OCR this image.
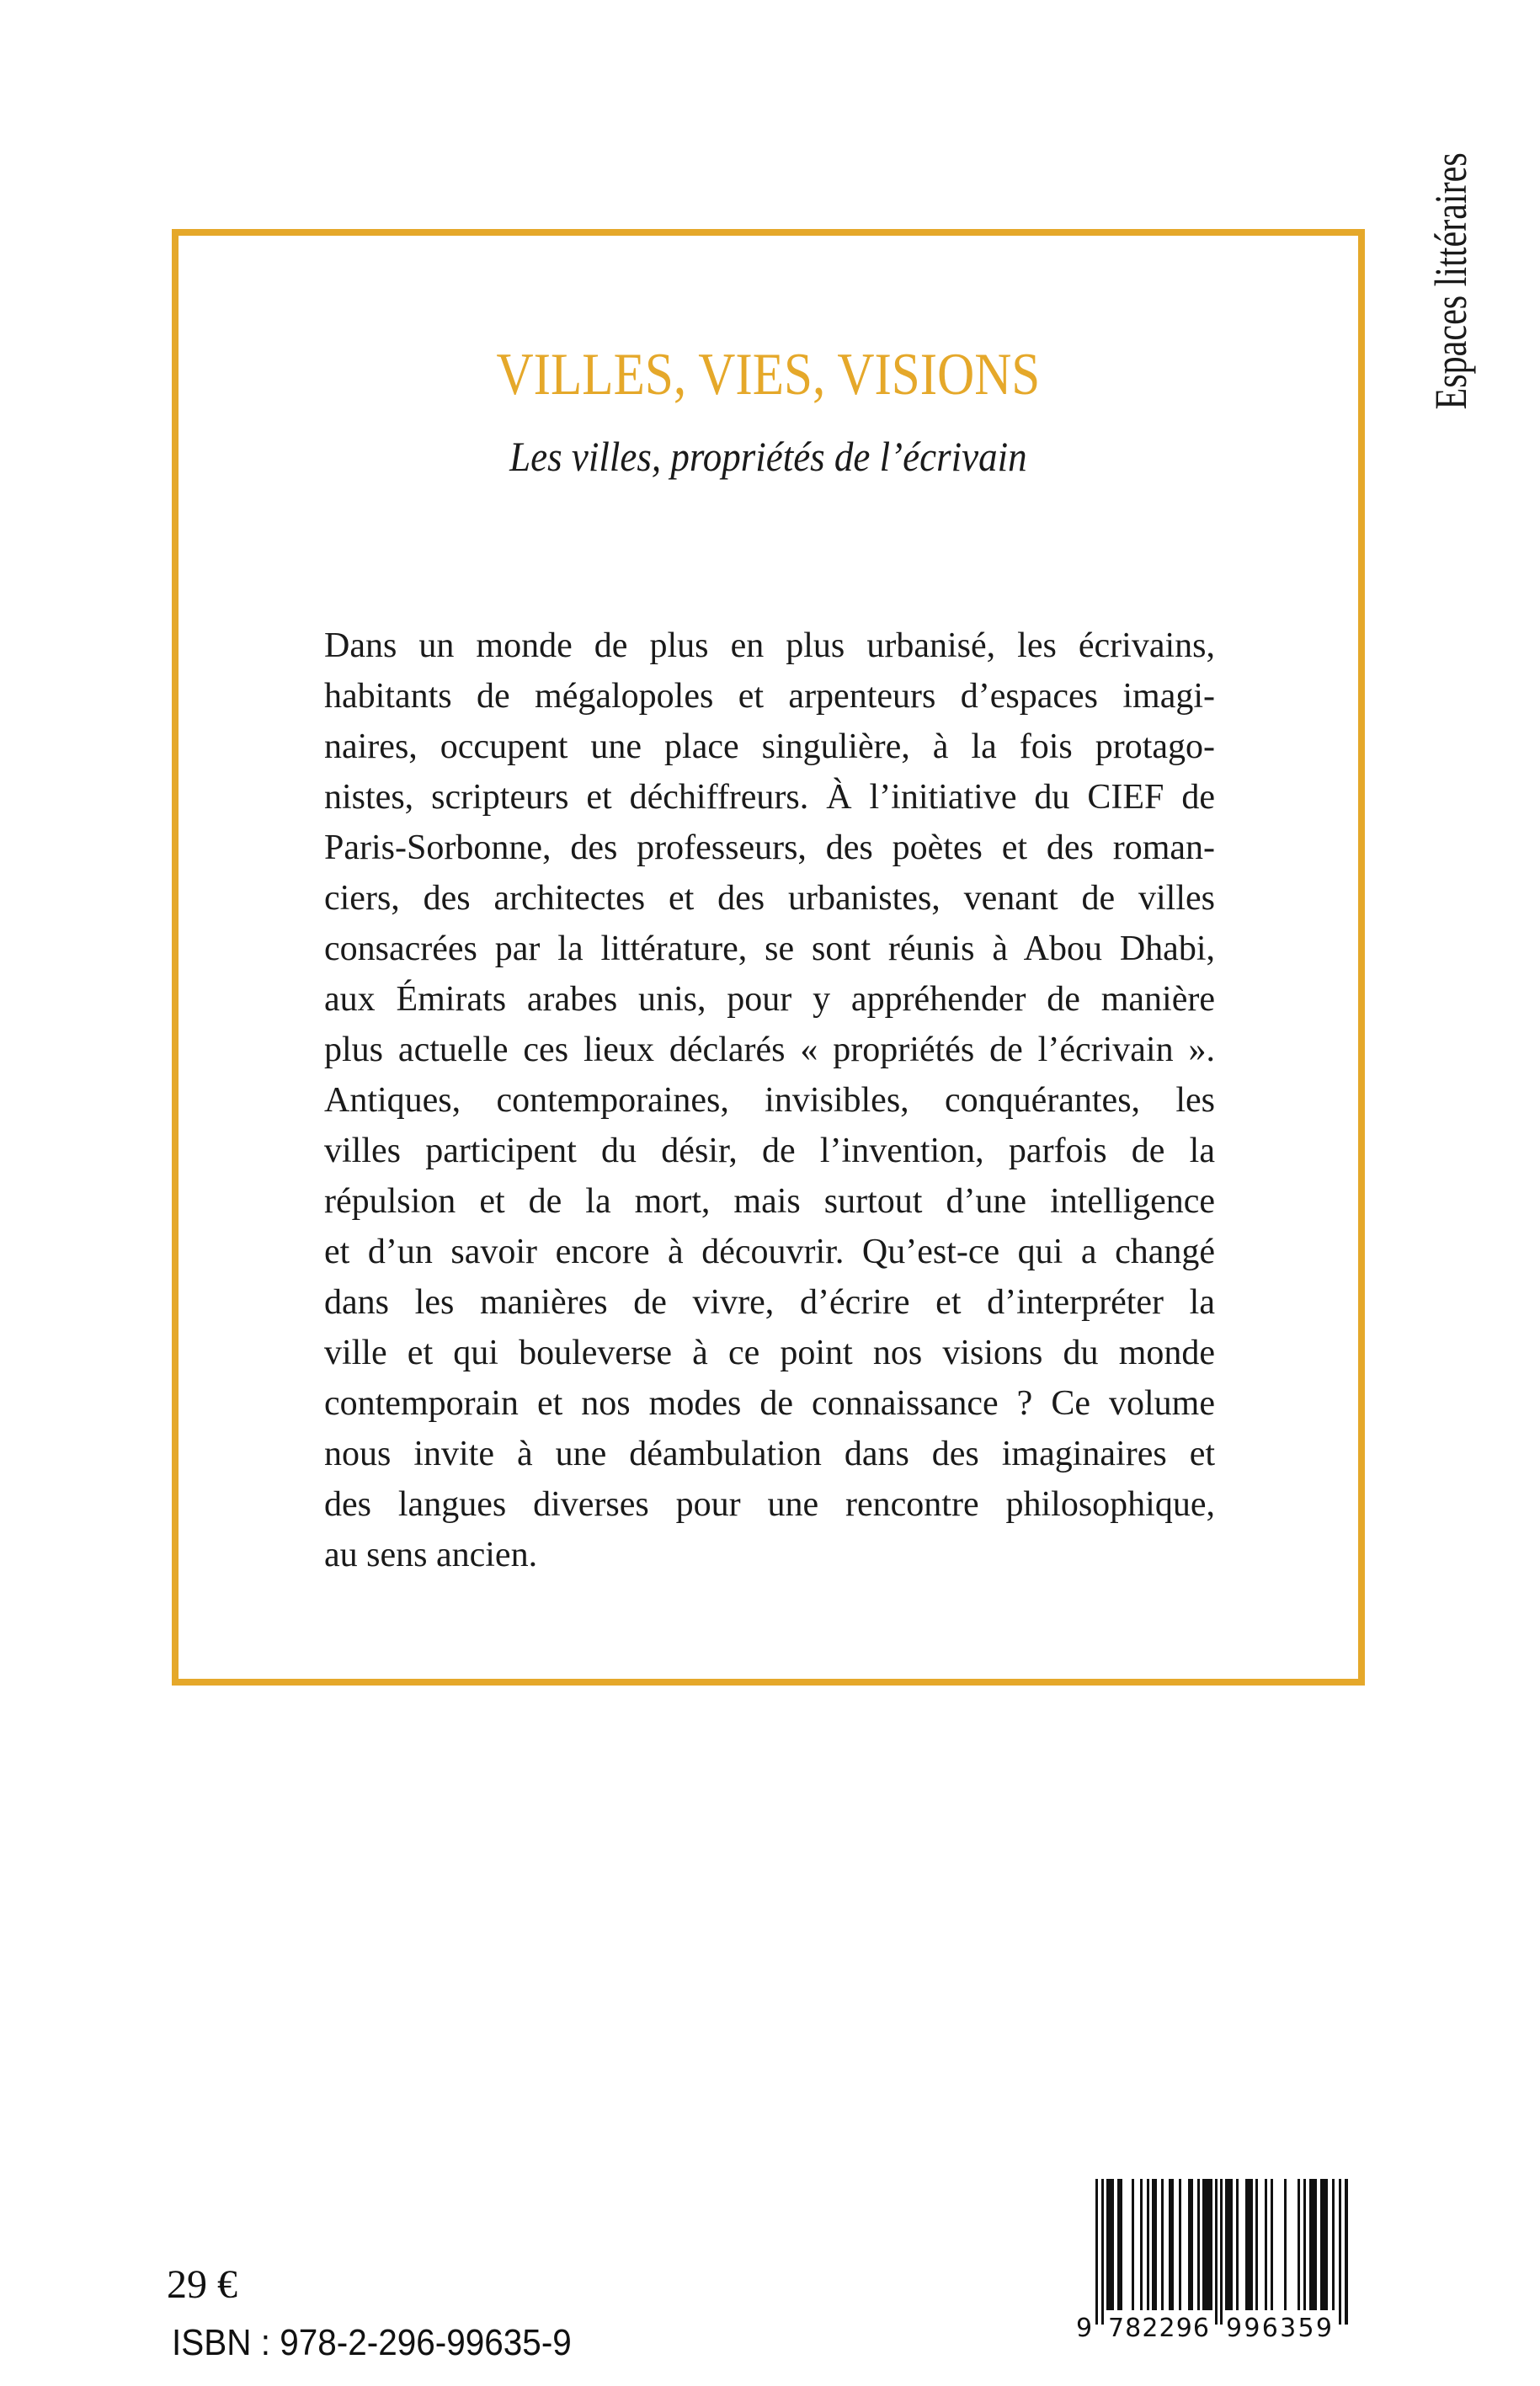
Espaces littéraires
VILLES, VIES, VISIONS
Les villes, propriétés de l’écrivain
Dans un monde de plus en plus urbanisé, les écrivains,
habitants de mégalopoles et arpenteurs d’espaces imagi-
naires, occupent une place singulière, à la fois protago-
nistes, scripteurs et déchiffreurs. À l’initiative du CIEF de
Paris-Sorbonne, des professeurs, des poètes et des roman-
ciers, des architectes et des urbanistes, venant de villes
consacrées par la littérature, se sont réunis à Abou Dhabi,
aux Émirats arabes unis, pour y appréhender de manière
plus actuelle ces lieux déclarés « propriétés de l’écrivain ».
Antiques, contemporaines, invisibles, conquérantes, les
villes participent du désir, de l’invention, parfois de la
répulsion et de la mort, mais surtout d’une intelligence
et d’un savoir encore à découvrir. Qu’est-ce qui a changé
dans les manières de vivre, d’écrire et d’interpréter la
ville et qui bouleverse à ce point nos visions du monde
contemporain et nos modes de connaissance ? Ce volume
nous invite à une déambulation dans des imaginaires et
des langues diverses pour une rencontre philosophique,
au sens ancien.
29 €
ISBN : 978-2-296-99635-9	9 782296 996359
